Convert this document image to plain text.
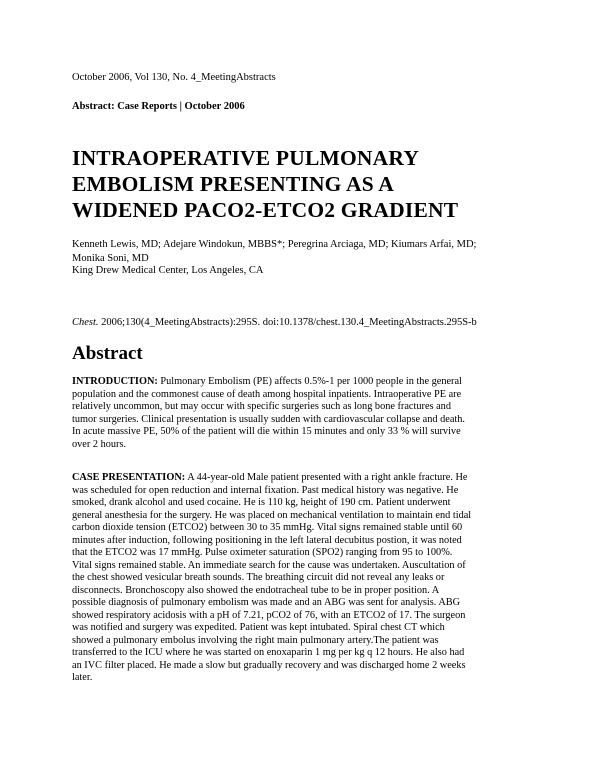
October 2006, Vol 130, No. 4_MeetingAbstracts
Abstract: Case Reports | October 2006
INTRAOPERATIVE PULMONARY
EMBOLISM PRESENTING AS A
WIDENED PACO2-ETCO2 GRADIENT
Kenneth Lewis, MD; Adejare Windokun, MBBS*; Peregrina Arciaga, MD; Kiumars Arfai, MD;
Monika Soni, MD
King Drew Medical Center, Los Angeles, CA
Chest. 2006;130(4_MeetingAbstracts):295S. doi:10.1378/chest.130.4_MeetingAbstracts.295S-b
Abstract
INTRODUCTION: Pulmonary Embolism (PE) affects 0.5%-1 per 1000 people in the general
population and the commonest cause of death among hospital inpatients. Intraoperative PE are
relatively uncommon, but may occur with specific surgeries such as long bone fractures and
tumor surgeries. Clinical presentation is usually sudden with cardiovascular collapse and death.
In acute massive PE, 50% of the patient will die within 15 minutes and only 33 % will survive
over 2 hours.
CASE PRESENTATION: A 44-year-old Male patient presented with a right ankle fracture. He
was scheduled for open reduction and internal fixation. Past medical history was negative. He
smoked, drank alcohol and used cocaine. He is 110 kg, height of 190 cm. Patient underwent
general anesthesia for the surgery. He was placed on mechanical ventilation to maintain end tidal
carbon dioxide tension (ETCO2) between 30 to 35 mmHg. Vital signs remained stable until 60
minutes after induction, following positioning in the left lateral decubitus postion, it was noted
that the ETCO2 was 17 mmHg. Pulse oximeter saturation (SPO2) ranging from 95 to 100%.
Vital signs remained stable. An immediate search for the cause was undertaken. Auscultation of
the chest showed vesicular breath sounds. The breathing circuit did not reveal any leaks or
disconnects. Bronchoscopy also showed the endotracheal tube to be in proper position. A
possible diagnosis of pulmonary embolism was made and an ABG was sent for analysis. ABG
showed respiratory acidosis with a pH of 7.21, pCO2 of 76, with an ETCO2 of 17. The surgeon
was notified and surgery was expedited. Patient was kept intubated. Spiral chest CT which
showed a pulmonary embolus involving the right main pulmonary artery.The patient was
transferred to the ICU where he was started on enoxaparin 1 mg per kg q 12 hours. He also had
an IVC filter placed. He made a slow but gradually recovery and was discharged home 2 weeks
later.
